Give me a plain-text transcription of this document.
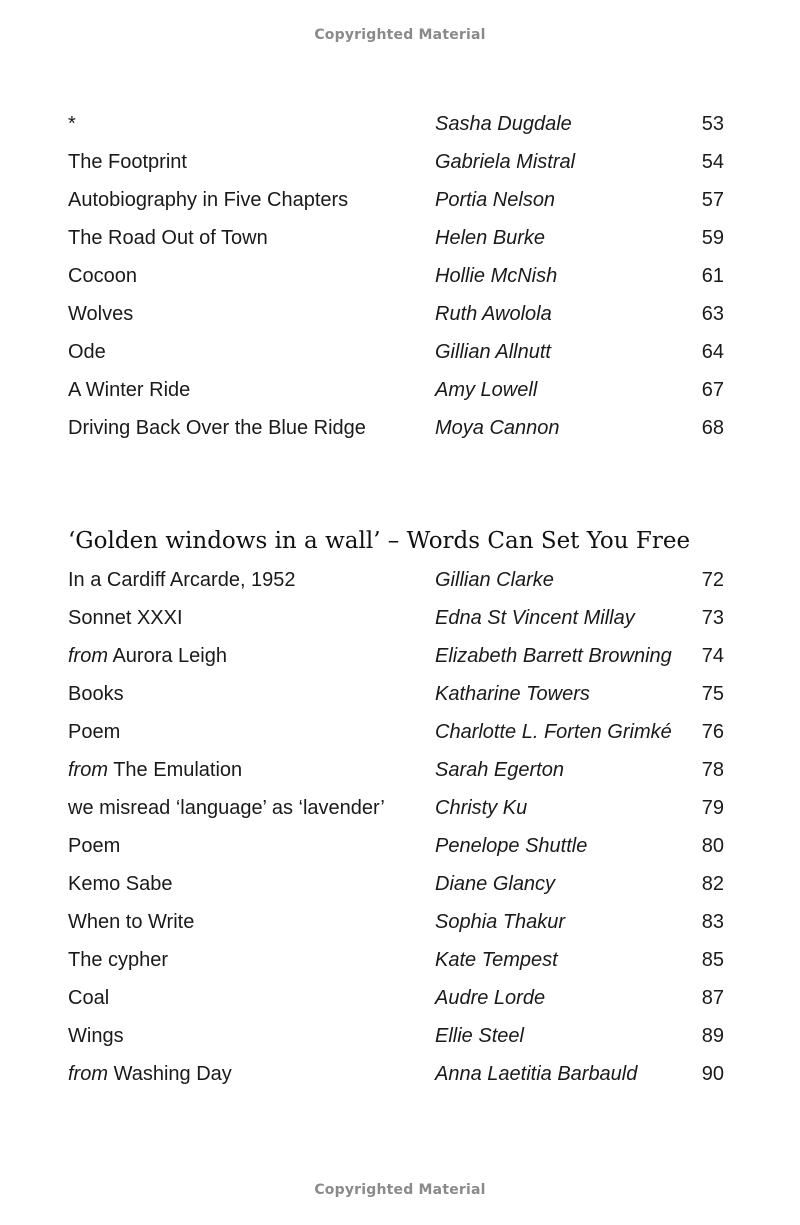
Copyrighted Material
*	Sasha Dugdale	53
The Footprint	Gabriela Mistral	54
Autobiography in Five Chapters	Portia Nelson	57
The Road Out of Town	Helen Burke	59
Cocoon	Hollie McNish	61
Wolves	Ruth Awolola	63
Ode	Gillian Allnutt	64
A Winter Ride	Amy Lowell	67
Driving Back Over the Blue Ridge	Moya Cannon	68
‘Golden windows in a wall’ – Words Can Set You Free
In a Cardiff Arcarde, 1952	Gillian Clarke	72
Sonnet XXXI	Edna St Vincent Millay	73
from Aurora Leigh	Elizabeth Barrett Browning 74
Books	Katharine Towers	75
Poem	Charlotte L. Forten Grimké 76
from The Emulation	Sarah Egerton	78
we misread ‘language’ as ‘lavender’	Christy Ku	79
Poem	Penelope Shuttle	80
Kemo Sabe	Diane Glancy	82
When to Write	Sophia Thakur	83
The cypher	Kate Tempest	85
Coal	Audre Lorde	87
Wings	Ellie Steel	89
from Washing Day	Anna Laetitia Barbauld	90
Copyrighted Material
